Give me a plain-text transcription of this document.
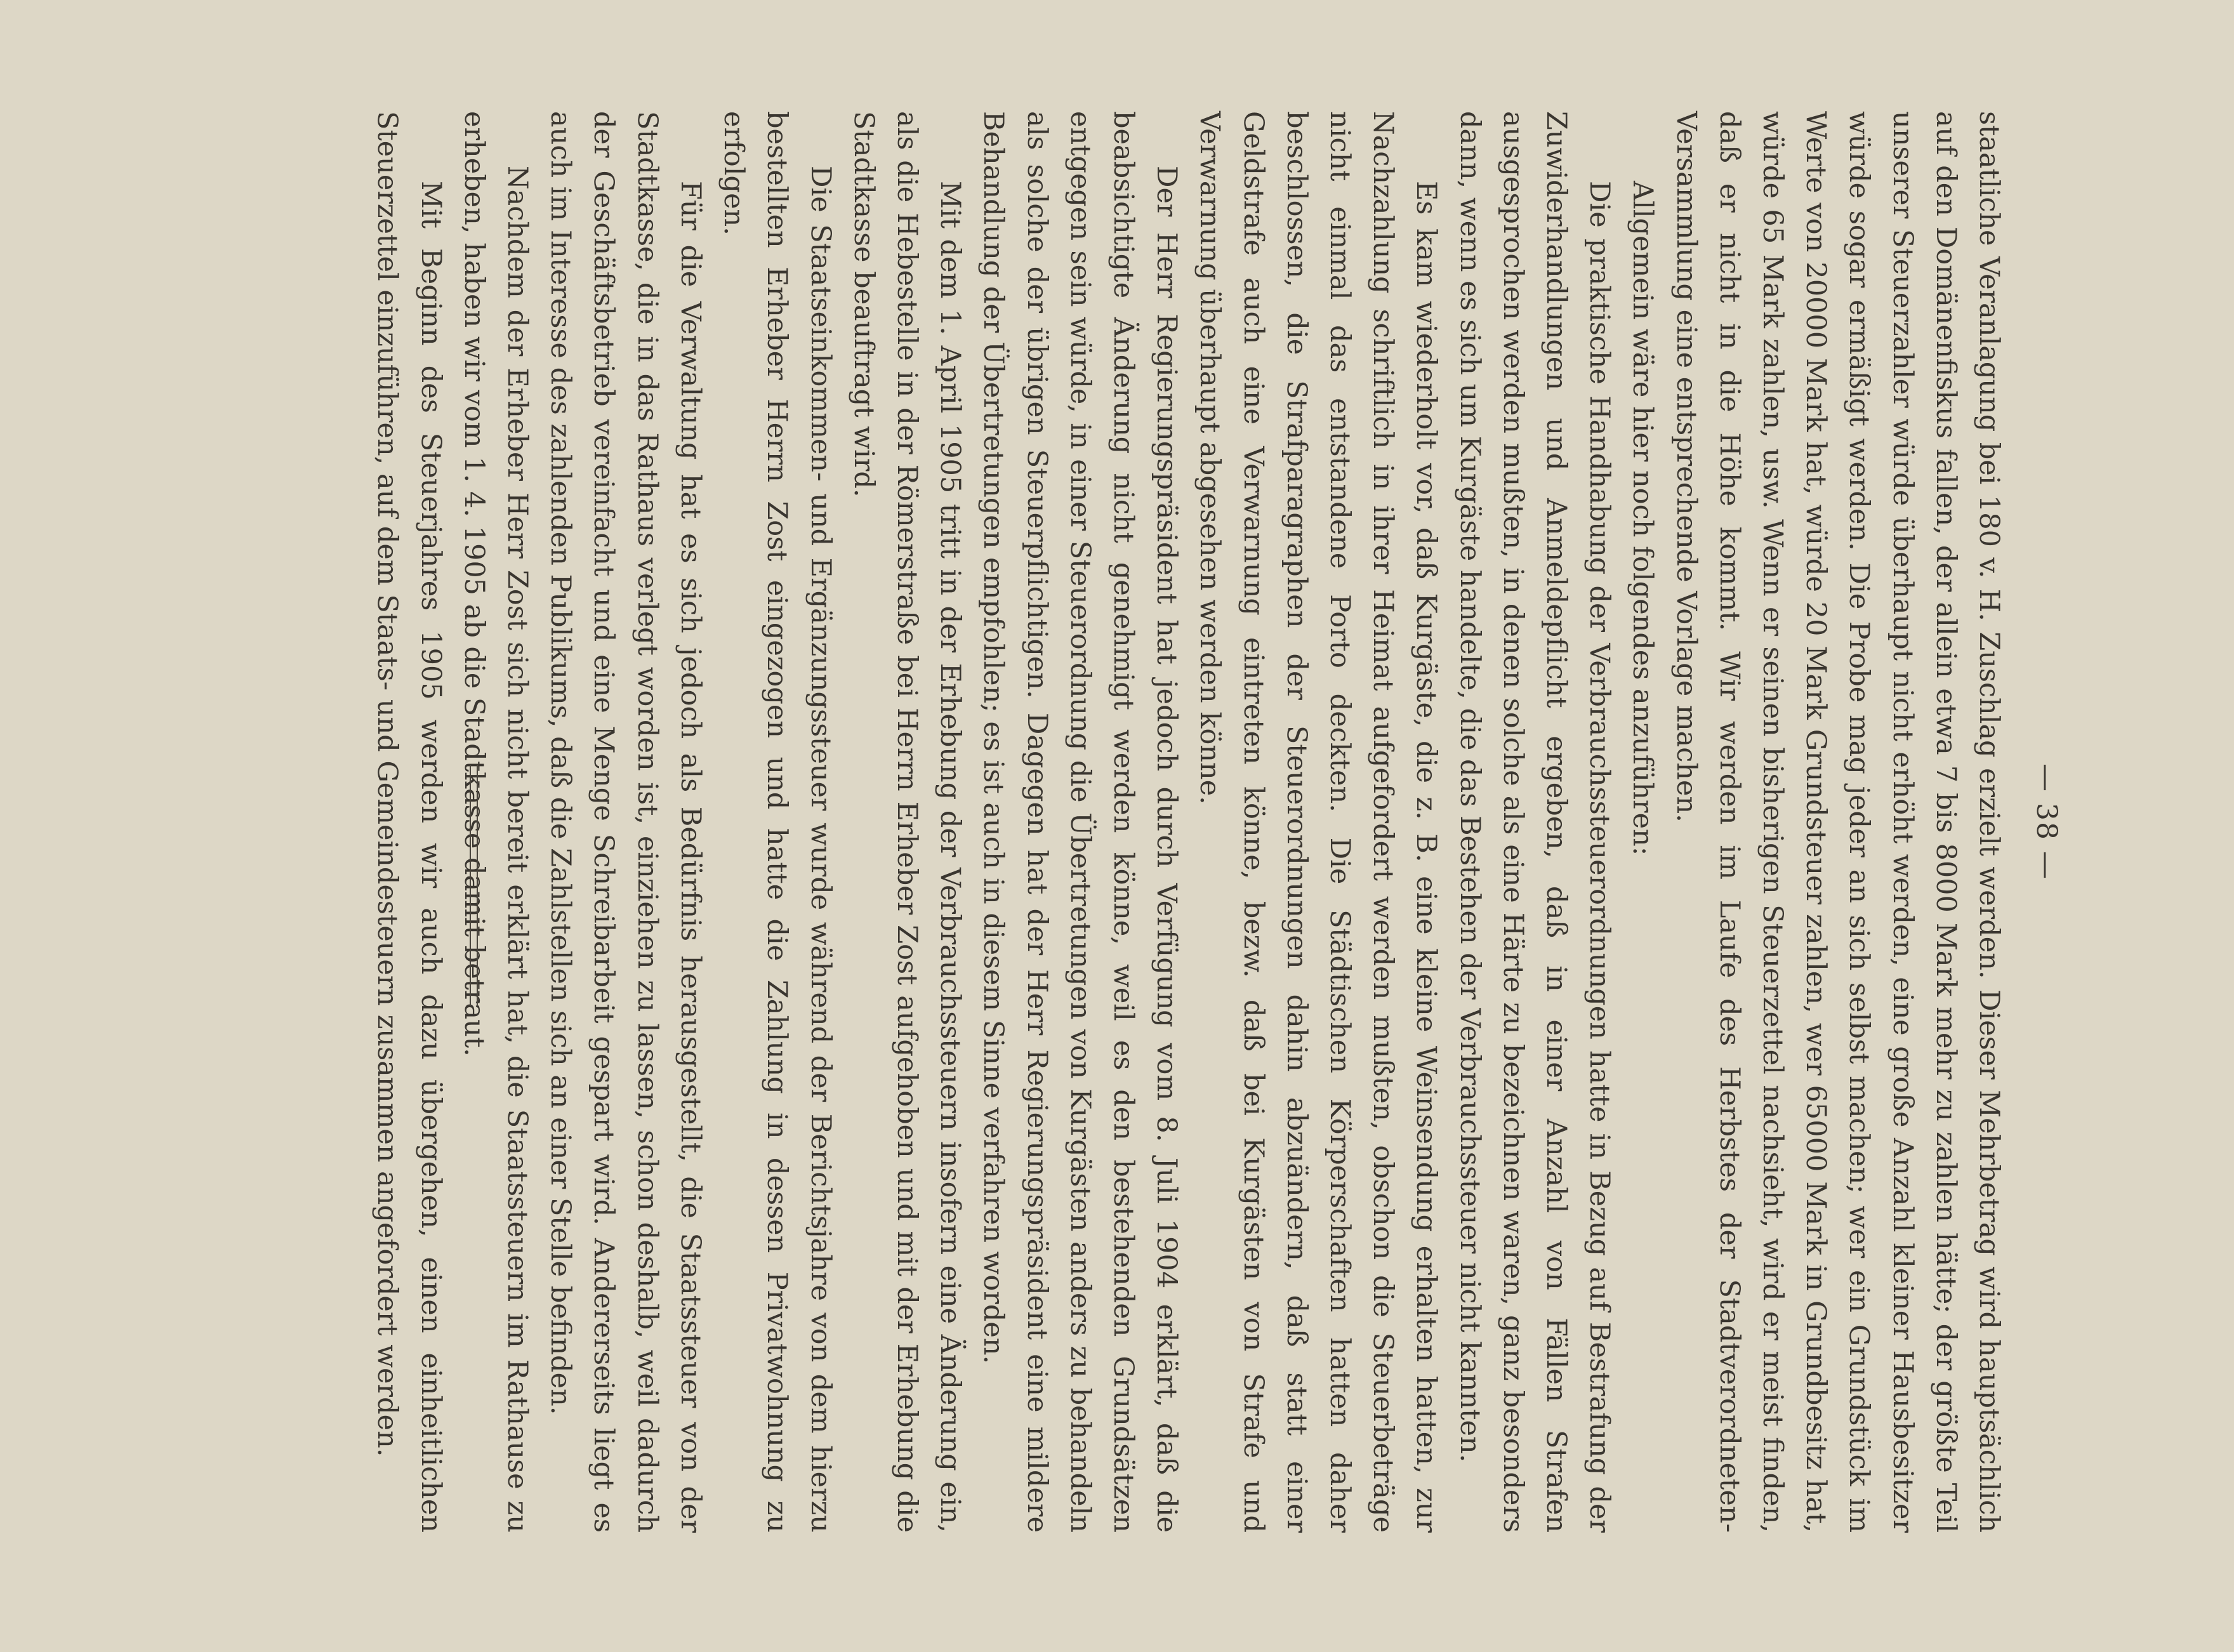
— 38 —

staatliche Veranlagung bei 180 v. H. Zuschlag erzielt werden. Dieser Mehrbetrag wird hauptsächlich auf den Domänenfiskus fallen, der allein etwa 7 bis 8000 Mark mehr zu zahlen hätte; der größte Teil unserer Steuerzahler würde überhaupt nicht erhöht werden, eine große Anzahl kleiner Hausbesitzer würde sogar ermäßigt werden. Die Probe mag jeder an sich selbst machen; wer ein Grundstück im Werte von 20000 Mark hat, würde 20 Mark Grundsteuer zahlen, wer 65000 Mark in Grundbesitz hat, würde 65 Mark zahlen, usw. Wenn er seinen bisherigen Steuerzettel nachsieht, wird er meist finden, daß er nicht in die Höhe kommt. Wir werden im Laufe des Herbstes der Stadtverordneten-Versammlung eine entsprechende Vorlage machen.

Allgemein wäre hier noch folgendes anzuführen:

Die praktische Handhabung der Verbrauchssteuerordnungen hatte in Bezug auf Bestrafung der Zuwiderhandlungen und Anmeldepflicht ergeben, daß in einer Anzahl von Fällen Strafen ausgesprochen werden mußten, in denen solche als eine Härte zu bezeichnen waren, ganz besonders dann, wenn es sich um Kurgäste handelte, die das Bestehen der Verbrauchssteuer nicht kannten.

Es kam wiederholt vor, daß Kurgäste, die z. B. eine kleine Weinsendung erhalten hatten, zur Nachzahlung schriftlich in ihrer Heimat aufgefordert werden mußten, obschon die Steuerbeträge nicht einmal das entstandene Porto deckten. Die Städtischen Körperschaften hatten daher beschlossen, die Strafparagraphen der Steuerordnungen dahin abzuändern, daß statt einer Geldstrafe auch eine Verwarnung eintreten könne, bezw. daß bei Kurgästen von Strafe und Verwarnung überhaupt abgesehen werden könne.

Der Herr Regierungspräsident hat jedoch durch Verfügung vom 8. Juli 1904 erklärt, daß die beabsichtigte Änderung nicht genehmigt werden könne, weil es den bestehenden Grundsätzen entgegen sein würde, in einer Steuerordnung die Übertretungen von Kurgästen anders zu behandeln als solche der übrigen Steuerpflichtigen. Dagegen hat der Herr Regierungspräsident eine mildere Behandlung der Übertretungen empfohlen; es ist auch in diesem Sinne verfahren worden.

Mit dem 1. April 1905 tritt in der Erhebung der Verbrauchssteuern insofern eine Änderung ein, als die Hebestelle in der Römerstraße bei Herrn Erheber Zost aufgehoben und mit der Erhebung die Stadtkasse beauftragt wird.

Die Staatseinkommen- und Ergänzungssteuer wurde während der Berichtsjahre von dem hierzu bestellten Erheber Herrn Zost eingezogen und hatte die Zahlung in dessen Privatwohnung zu erfolgen.

Für die Verwaltung hat es sich jedoch als Bedürfnis herausgestellt, die Staatssteuer von der Stadtkasse, die in das Rathaus verlegt worden ist, einziehen zu lassen, schon deshalb, weil dadurch der Geschäftsbetrieb vereinfacht und eine Menge Schreibarbeit gespart wird. Andererseits liegt es auch im Interesse des zahlenden Publikums, daß die Zahlstellen sich an einer Stelle befinden.

Nachdem der Erheber Herr Zost sich nicht bereit erklärt hat, die Staatssteuern im Rathause zu erheben, haben wir vom 1. 4. 1905 ab die Stadtkasse damit betraut.

Mit Beginn des Steuerjahres 1905 werden wir auch dazu übergehen, einen einheitlichen Steuerzettel einzuführen, auf dem Staats- und Gemeindesteuern zusammen angefordert werden.
